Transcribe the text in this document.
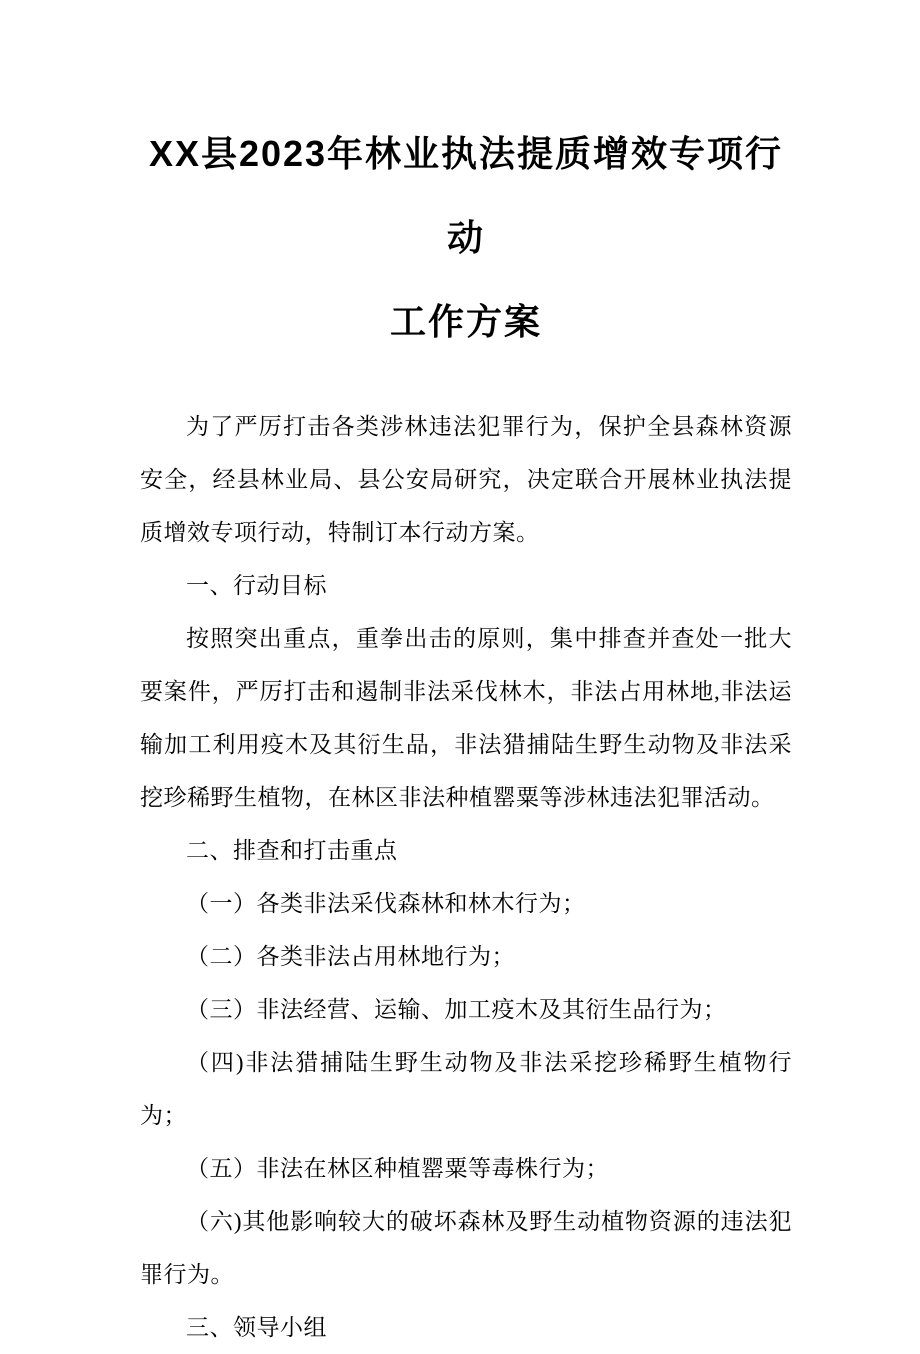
XX县2023年林业执法提质增效专项行动
工作方案

为了严厉打击各类涉林违法犯罪行为，保护全县森林资源安全，经县林业局、县公安局研究，决定联合开展林业执法提质增效专项行动，特制订本行动方案。

一、行动目标

按照突出重点，重拳出击的原则，集中排查并查处一批大要案件，严厉打击和遏制非法采伐林木，非法占用林地,非法运输加工利用疫木及其衍生品，非法猎捕陆生野生动物及非法采挖珍稀野生植物，在林区非法种植罂粟等涉林违法犯罪活动。

二、排查和打击重点

（一）各类非法采伐森林和林木行为；

（二）各类非法占用林地行为；

（三）非法经营、运输、加工疫木及其衍生品行为；

（四)非法猎捕陆生野生动物及非法采挖珍稀野生植物行为；

（五）非法在林区种植罂粟等毒株行为；

（六)其他影响较大的破坏森林及野生动植物资源的违法犯罪行为。

三、领导小组
